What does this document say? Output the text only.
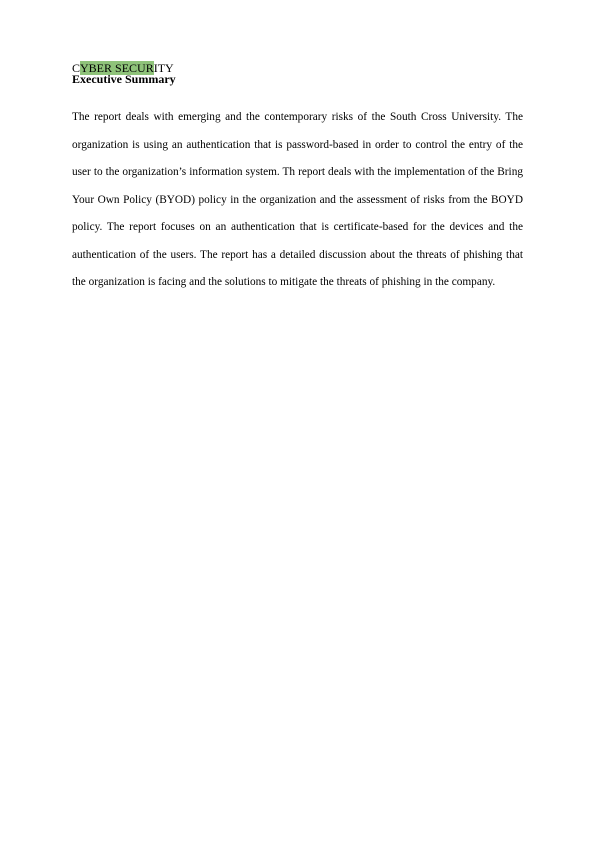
CYBER SECURITY
Executive Summary

The report deals with emerging and the contemporary risks of the South Cross University. The organization is using an authentication that is password-based in order to control the entry of the user to the organization’s information system. Th report deals with the implementation of the Bring Your Own Policy (BYOD) policy in the organization and the assessment of risks from the BOYD policy. The report focuses on an authentication that is certificate-based for the devices and the authentication of the users. The report has a detailed discussion about the threats of phishing that the organization is facing and the solutions to mitigate the threats of phishing in the company.
